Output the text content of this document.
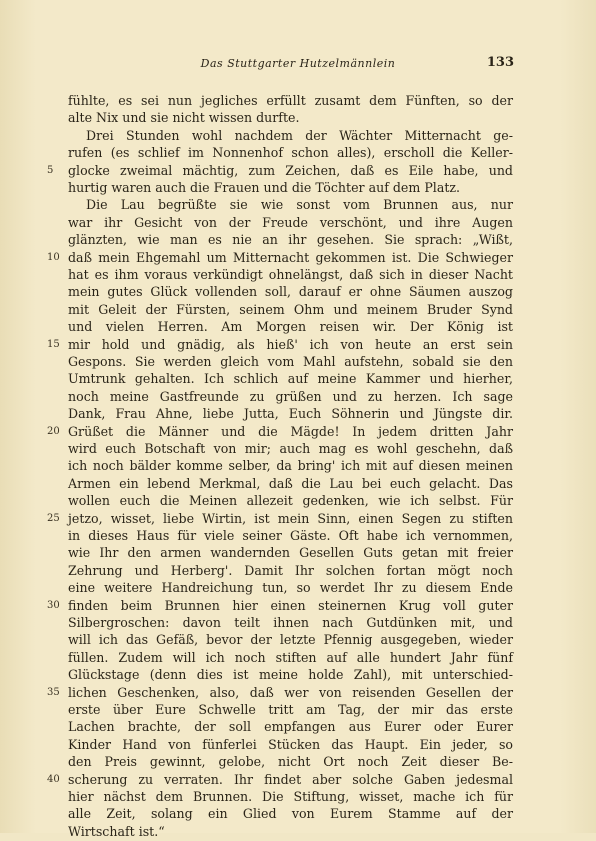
Das Stuttgarter Hutzelmännlein	133
fühlte, es sei nun jegliches erfüllt zusamt dem Fünften, so der
alte Nix und sie nicht wissen durfte.
Drei Stunden wohl nachdem der Wächter Mitternacht ge-
rufen (es schlief im Nonnenhof schon alles), erscholl die Keller-
glocke zweimal mächtig, zum Zeichen, daß es Eile habe, und
hurtig waren auch die Frauen und die Töchter auf dem Platz.
Die Lau begrüßte sie wie sonst vom Brunnen aus, nur
war ihr Gesicht von der Freude verschönt, und ihre Augen
glänzten, wie man es nie an ihr gesehen. Sie sprach: „Wißt,
daß mein Ehgemahl um Mitternacht gekommen ist. Die Schwieger
hat es ihm voraus verkündigt ohnelängst, daß sich in dieser Nacht
mein gutes Glück vollenden soll, darauf er ohne Säumen auszog
mit Geleit der Fürsten, seinem Ohm und meinem Bruder Synd
und vielen Herren. Am Morgen reisen wir. Der König ist
mir hold und gnädig, als hieß' ich von heute an erst sein
Gespons. Sie werden gleich vom Mahl aufstehn, sobald sie den
Umtrunk gehalten. Ich schlich auf meine Kammer und hierher,
noch meine Gastfreunde zu grüßen und zu herzen. Ich sage
Dank, Frau Ahne, liebe Jutta, Euch Söhnerin und Jüngste dir.
Grüßet die Männer und die Mägde! In jedem dritten Jahr
wird euch Botschaft von mir; auch mag es wohl geschehn, daß
ich noch bälder komme selber, da bring' ich mit auf diesen meinen
Armen ein lebend Merkmal, daß die Lau bei euch gelacht. Das
wollen euch die Meinen allezeit gedenken, wie ich selbst. Für
jetzo, wisset, liebe Wirtin, ist mein Sinn, einen Segen zu stiften
in dieses Haus für viele seiner Gäste. Oft habe ich vernommen,
wie Ihr den armen wandernden Gesellen Guts getan mit freier
Zehrung und Herberg'. Damit Ihr solchen fortan mögt noch
eine weitere Handreichung tun, so werdet Ihr zu diesem Ende
finden beim Brunnen hier einen steinernen Krug voll guter
Silbergroschen: davon teilt ihnen nach Gutdünken mit, und
will ich das Gefäß, bevor der letzte Pfennig ausgegeben, wieder
füllen. Zudem will ich noch stiften auf alle hundert Jahr fünf
Glückstage (denn dies ist meine holde Zahl), mit unterschied-
lichen Geschenken, also, daß wer von reisenden Gesellen der
erste über Eure Schwelle tritt am Tag, der mir das erste
Lachen brachte, der soll empfangen aus Eurer oder Eurer
Kinder Hand von fünferlei Stücken das Haupt. Ein jeder, so
den Preis gewinnt, gelobe, nicht Ort noch Zeit dieser Be-
scherung zu verraten. Ihr findet aber solche Gaben jedesmal
hier nächst dem Brunnen. Die Stiftung, wisset, mache ich für
alle Zeit, solang ein Glied von Eurem Stamme auf der
Wirtschaft ist.“
5
10
15
20
25
30
35
40
